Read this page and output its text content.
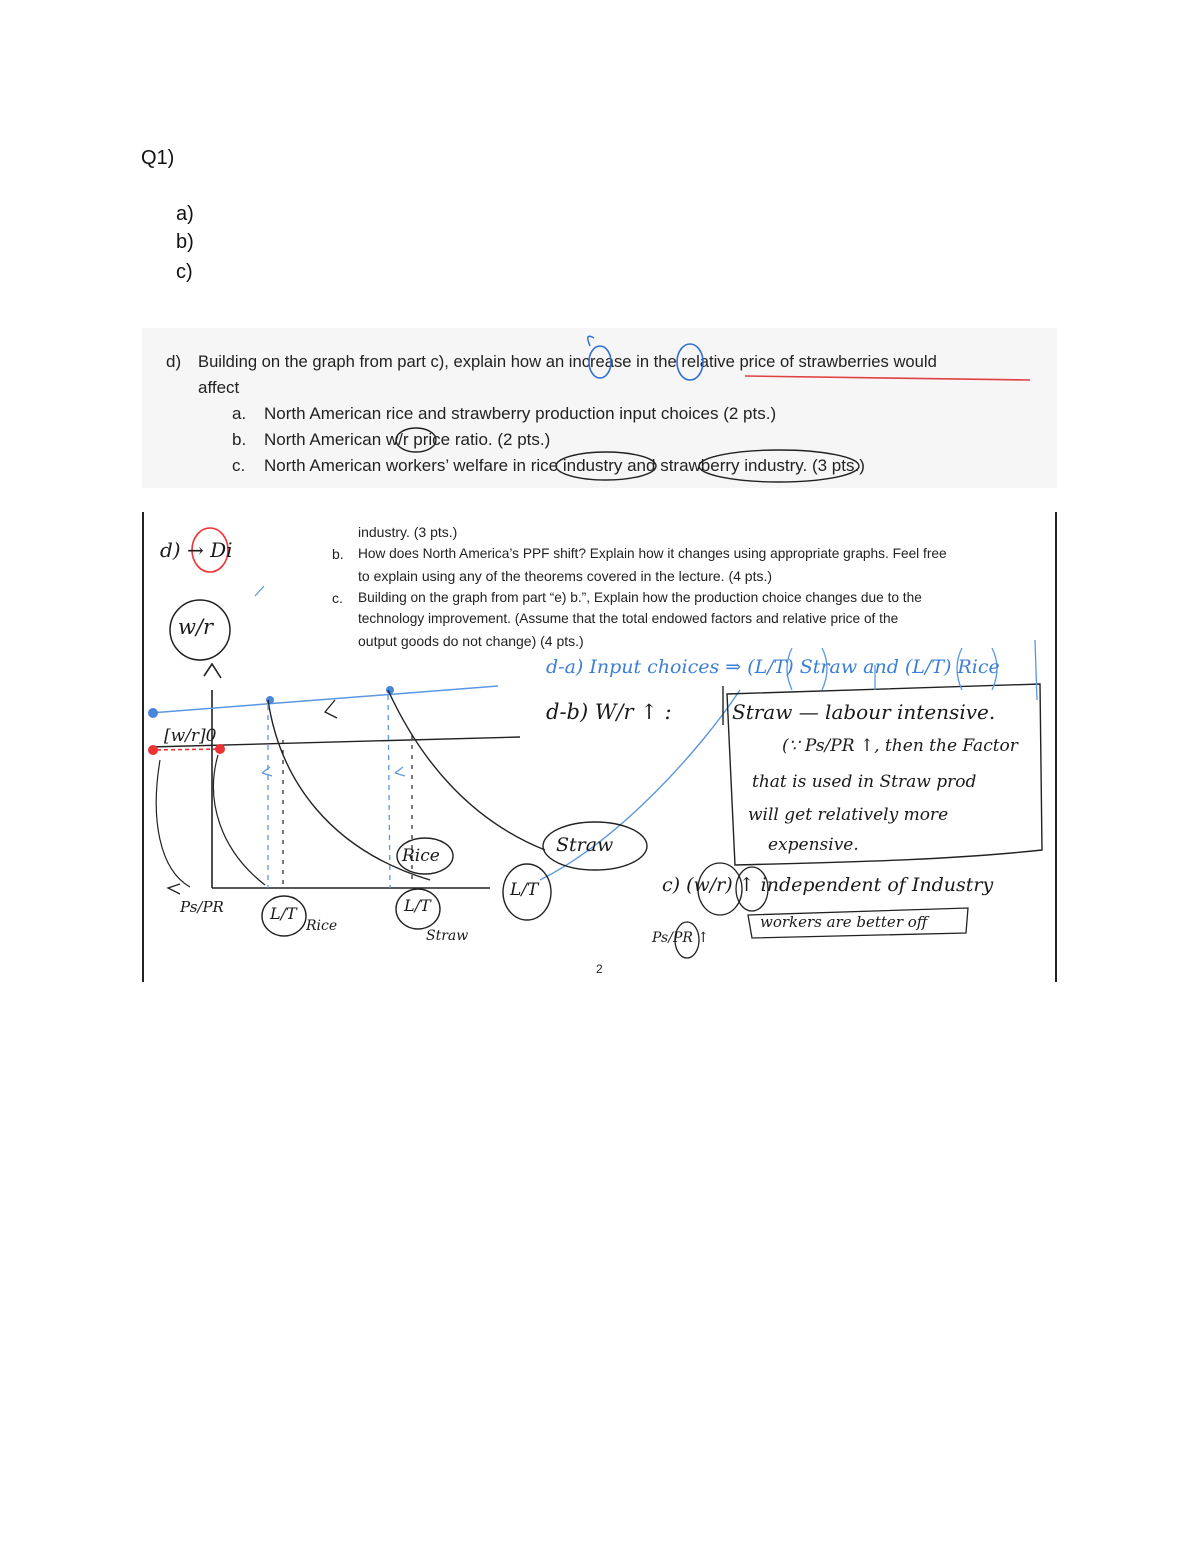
Q1)
a)
b)
c)
d) Building on the graph from part c), explain how an increase in the relative price of strawberries would
affect
a. North American rice and strawberry production input choices (2 pts.)
b. North American w/r price ratio. (2 pts.)
c. North American workers’ welfare in rice industry and strawberry industry. (3 pts.)
industry. (3 pts.)
b. How does North America’s PPF shift? Explain how it changes using appropriate graphs. Feel free
to explain using any of the theorems covered in the lecture. (4 pts.)
c. Building on the graph from part “e) b.”, Explain how the production choice changes due to the
technology improvement. (Assume that the total endowed factors and relative price of the
output goods do not change) (4 pts.)
2
d) → Di
w/r
[w/r]0
d-a) Input choices ⇒ (L/T) Straw and (L/T) Rice
d-b) W/r ↑ :	Straw — labour intensive.
(∵ Ps/PR ↑, then the Factor
that is used in Straw prod
will get relatively more
expensive.
Rice	Straw
L/T
L/T
Rice
L/T
Straw
Ps/PR
c) (w/r) ↑ independent of Industry
workers are better off
Ps/PR ↑
